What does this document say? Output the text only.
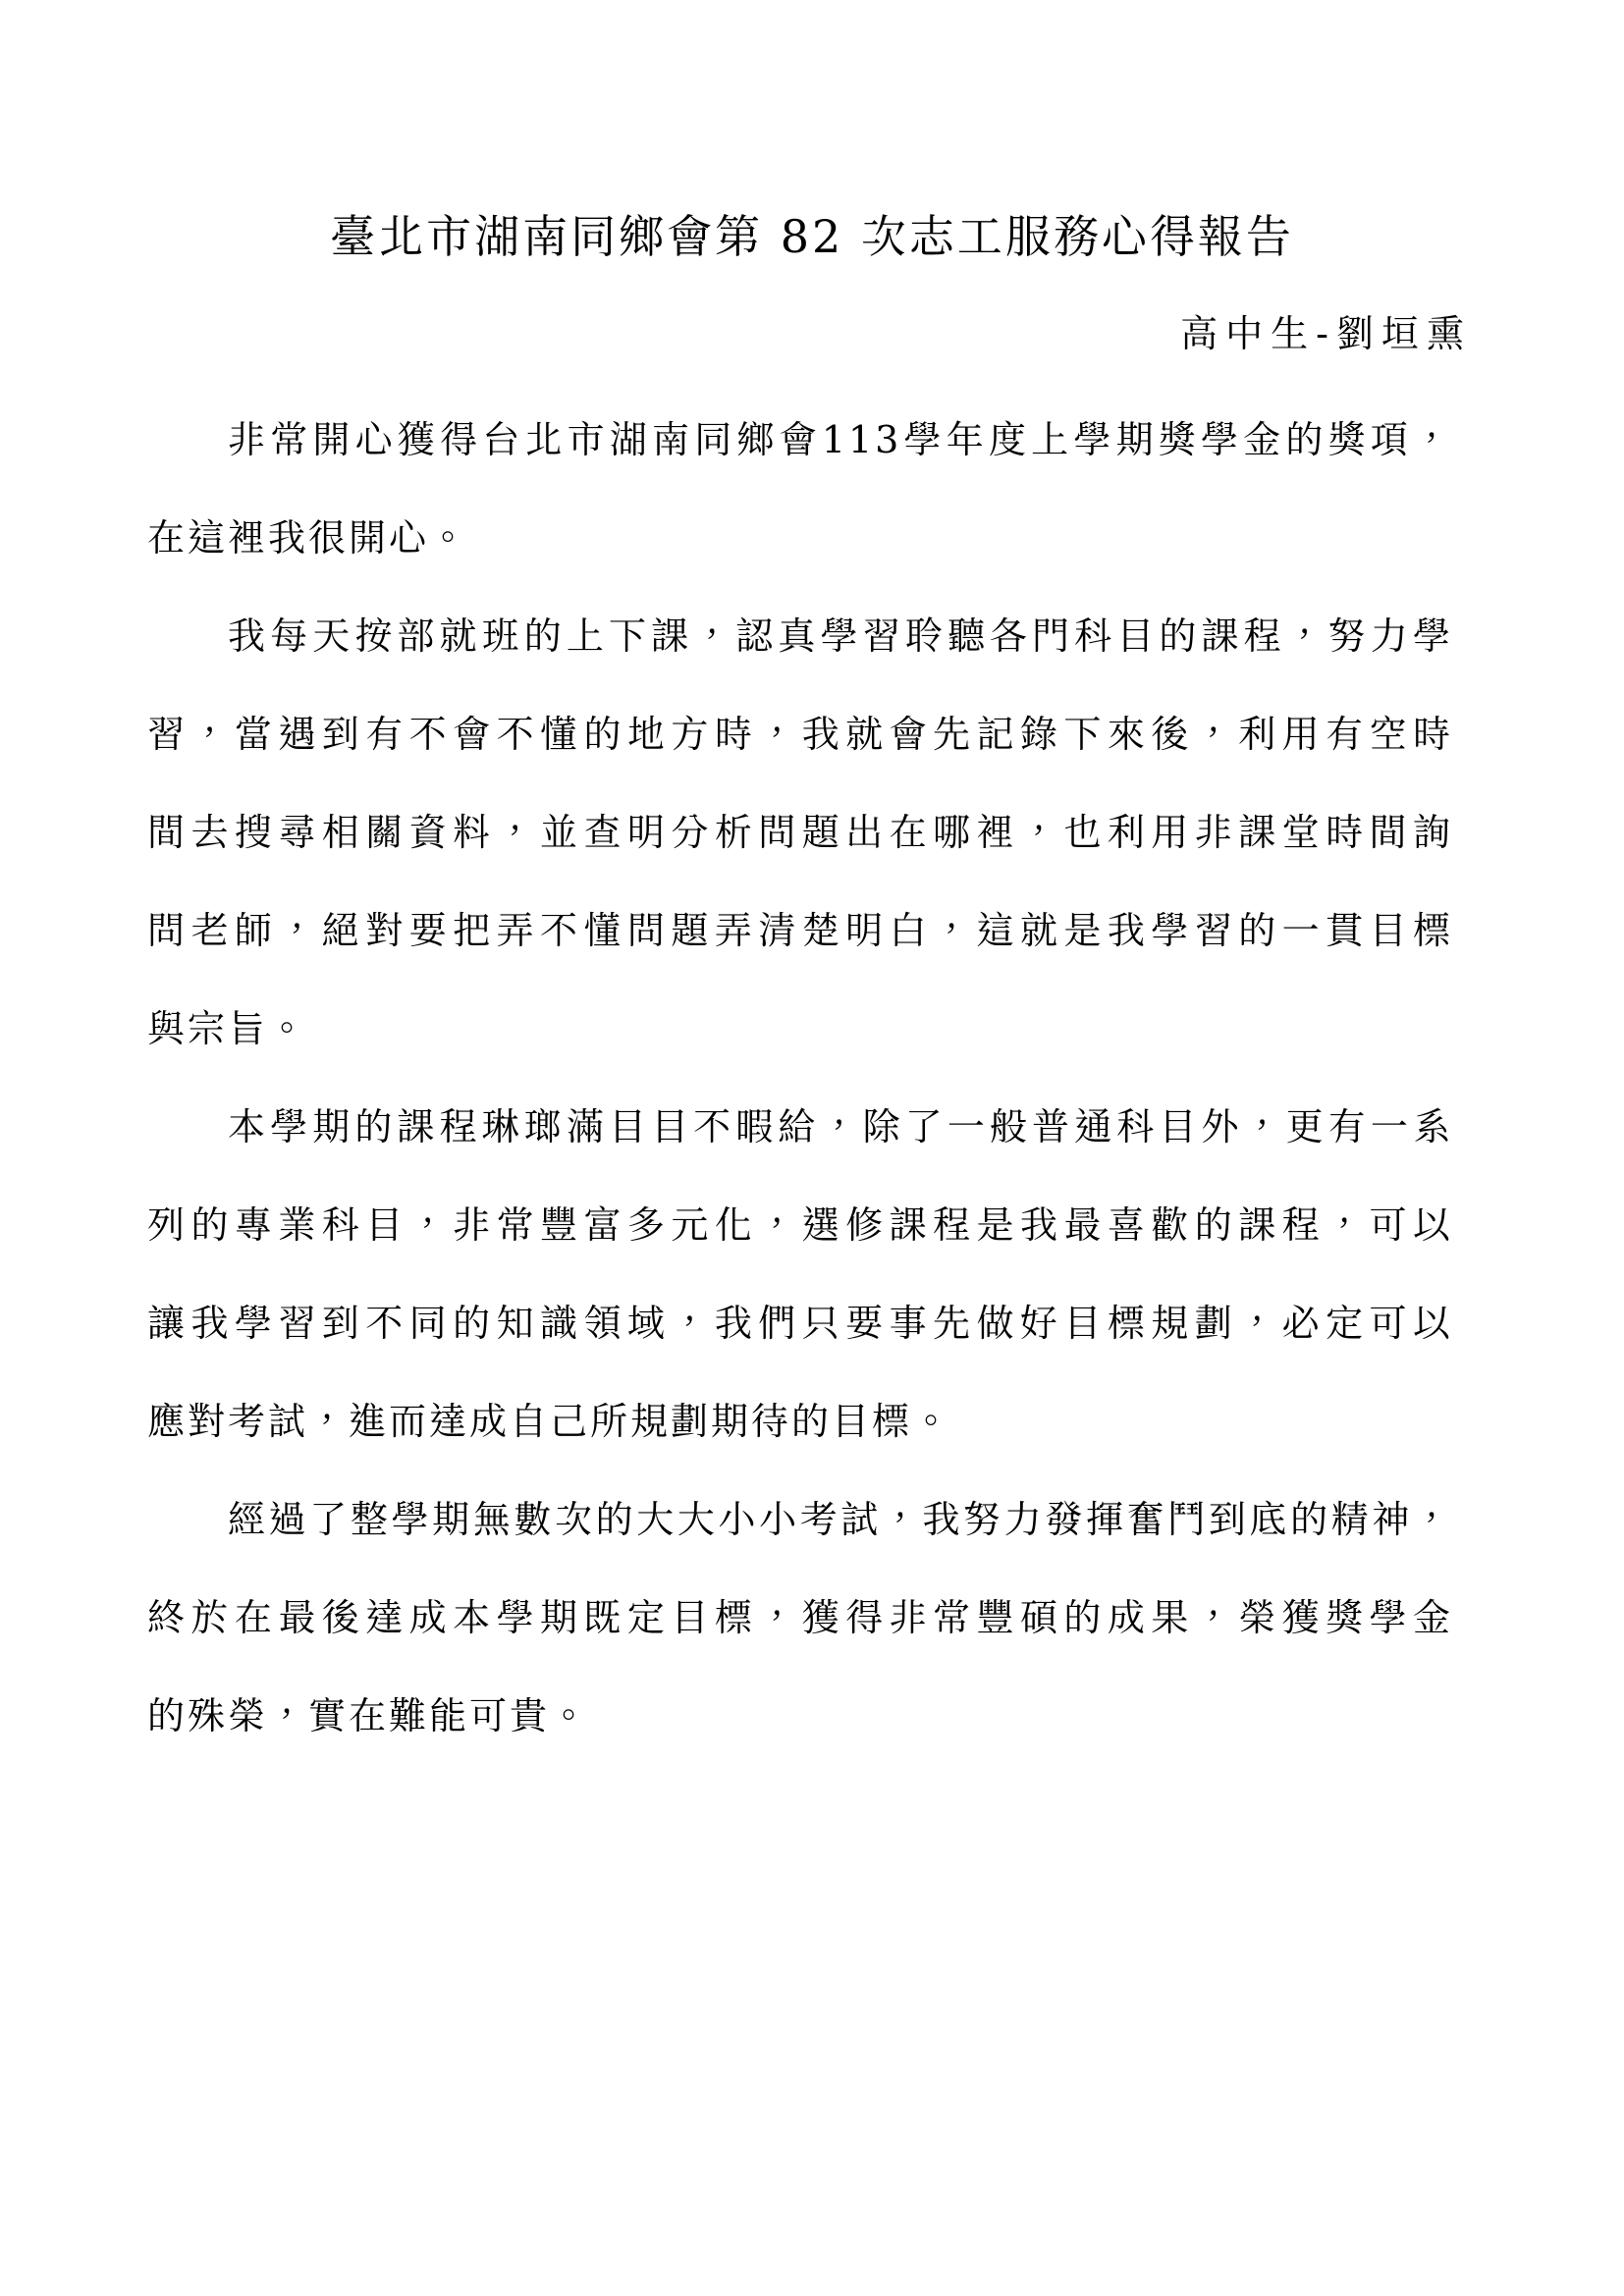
臺北市湖南同鄉會第 82 次志工服務心得報告
高中生-劉垣熏

非常開心獲得台北市湖南同鄉會113學年度上學期獎學金的獎項，
在這裡我很開心。

我每天按部就班的上下課，認真學習聆聽各門科目的課程，努力學
習，當遇到有不會不懂的地方時，我就會先記錄下來後，利用有空時
間去搜尋相關資料，並查明分析問題出在哪裡，也利用非課堂時間詢
問老師，絕對要把弄不懂問題弄清楚明白，這就是我學習的一貫目標
與宗旨。

本學期的課程琳瑯滿目目不暇給，除了一般普通科目外，更有一系
列的專業科目，非常豐富多元化，選修課程是我最喜歡的課程，可以
讓我學習到不同的知識領域，我們只要事先做好目標規劃，必定可以
應對考試，進而達成自己所規劃期待的目標。

經過了整學期無數次的大大小小考試，我努力發揮奮鬥到底的精神，
終於在最後達成本學期既定目標，獲得非常豐碩的成果，榮獲獎學金
的殊榮，實在難能可貴。
